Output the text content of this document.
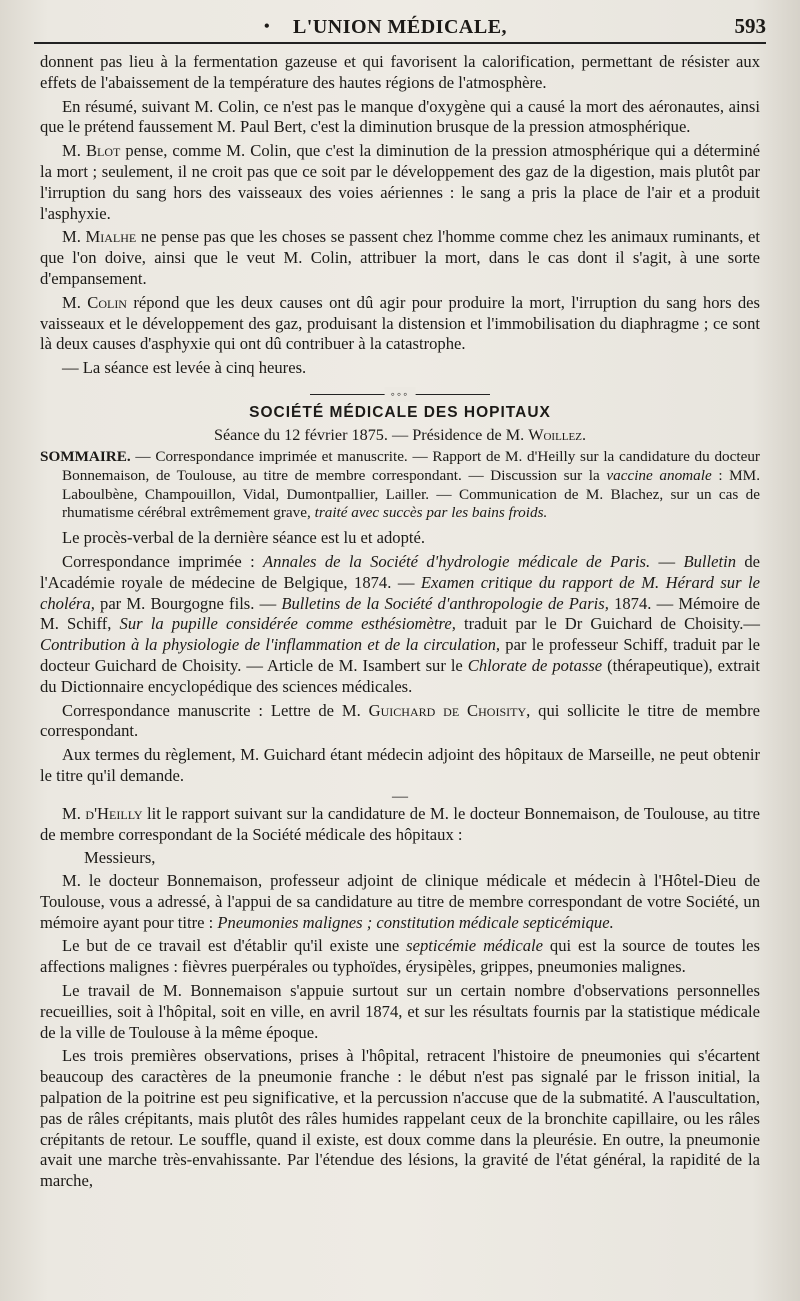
•	L'UNION MÉDICALE,	593

donnent pas lieu à la fermentation gazeuse et qui favorisent la calorification, permettant de résister aux effets de l'abaissement de la température des hautes régions de l'atmosphère.

En résumé, suivant M. Colin, ce n'est pas le manque d'oxygène qui a causé la mort des aéronautes, ainsi que le prétend faussement M. Paul Bert, c'est la diminution brusque de la pression atmosphérique.

M. Blot pense, comme M. Colin, que c'est la diminution de la pression atmosphérique qui a déterminé la mort ; seulement, il ne croit pas que ce soit par le développement des gaz de la digestion, mais plutôt par l'irruption du sang hors des vaisseaux des voies aériennes : le sang a pris la place de l'air et a produit l'asphyxie.

M. Mialhe ne pense pas que les choses se passent chez l'homme comme chez les animaux ruminants, et que l'on doive, ainsi que le veut M. Colin, attribuer la mort, dans le cas dont il s'agit, à une sorte d'empansement.

M. Colin répond que les deux causes ont dû agir pour produire la mort, l'irruption du sang hors des vaisseaux et le développement des gaz, produisant la distension et l'immobilisation du diaphragme ; ce sont là deux causes d'asphyxie qui ont dû contribuer à la catastrophe.

— La séance est levée à cinq heures.

◦◦◦
SOCIÉTÉ MÉDICALE DES HOPITAUX
Séance du 12 février 1875. — Présidence de M. Woillez.

SOMMAIRE. — Correspondance imprimée et manuscrite. — Rapport de M. d'Heilly sur la candidature du docteur Bonnemaison, de Toulouse, au titre de membre correspondant. — Discussion sur la vaccine anomale : MM. Laboulbène, Champouillon, Vidal, Dumontpallier, Lailler. — Communication de M. Blachez, sur un cas de rhumatisme cérébral extrêmement grave, traité avec succès par les bains froids.

Le procès-verbal de la dernière séance est lu et adopté.

Correspondance imprimée : Annales de la Société d'hydrologie médicale de Paris. — Bulletin de l'Académie royale de médecine de Belgique, 1874. — Examen critique du rapport de M. Hérard sur le choléra, par M. Bourgogne fils. — Bulletins de la Société d'anthropologie de Paris, 1874. — Mémoire de M. Schiff, Sur la pupille considérée comme esthésiomètre, traduit par le Dr Guichard de Choisity.— Contribution à la physiologie de l'inflammation et de la circulation, par le professeur Schiff, traduit par le docteur Guichard de Choisity. — Article de M. Isambert sur le Chlorate de potasse (thérapeutique), extrait du Dictionnaire encyclopédique des sciences médicales.

Correspondance manuscrite : Lettre de M. Guichard de Choisity, qui sollicite le titre de membre correspondant.

Aux termes du règlement, M. Guichard étant médecin adjoint des hôpitaux de Marseille, ne peut obtenir le titre qu'il demande.

—

M. d'Heilly lit le rapport suivant sur la candidature de M. le docteur Bonnemaison, de Toulouse, au titre de membre correspondant de la Société médicale des hôpitaux :

Messieurs,

M. le docteur Bonnemaison, professeur adjoint de clinique médicale et médecin à l'Hôtel-Dieu de Toulouse, vous a adressé, à l'appui de sa candidature au titre de membre correspondant de votre Société, un mémoire ayant pour titre : Pneumonies malignes ; constitution médicale septicémique.

Le but de ce travail est d'établir qu'il existe une septicémie médicale qui est la source de toutes les affections malignes : fièvres puerpérales ou typhoïdes, érysipèles, grippes, pneumonies malignes.

Le travail de M. Bonnemaison s'appuie surtout sur un certain nombre d'observations personnelles recueillies, soit à l'hôpital, soit en ville, en avril 1874, et sur les résultats fournis par la statistique médicale de la ville de Toulouse à la même époque.

Les trois premières observations, prises à l'hôpital, retracent l'histoire de pneumonies qui s'écartent beaucoup des caractères de la pneumonie franche : le début n'est pas signalé par le frisson initial, la palpation de la poitrine est peu significative, et la percussion n'accuse que de la submatité. A l'auscultation, pas de râles crépitants, mais plutôt des râles humides rappelant ceux de la bronchite capillaire, ou les râles crépitants de retour. Le souffle, quand il existe, est doux comme dans la pleurésie. En outre, la pneumonie avait une marche très-envahissante. Par l'étendue des lésions, la gravité de l'état général, la rapidité de la marche,
